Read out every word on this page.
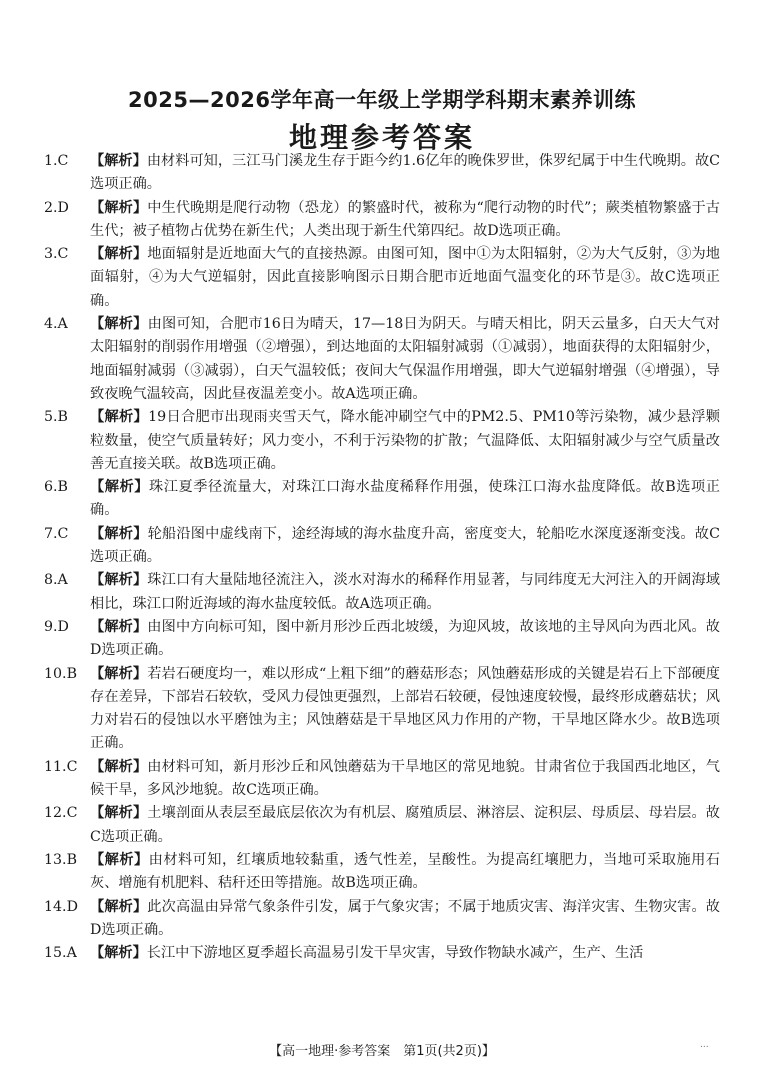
2025—2026学年高一年级上学期学科期末素养训练
地理参考答案

1.C	【解析】由材料可知，三江马门溪龙生存于距今约1.6亿年的晚侏罗世，侏罗纪属于中生代晚期。故C选项正确。

2.D	【解析】中生代晚期是爬行动物（恐龙）的繁盛时代，被称为“爬行动物的时代”；蕨类植物繁盛于古生代；被子植物占优势在新生代；人类出现于新生代第四纪。故D选项正确。

3.C	【解析】地面辐射是近地面大气的直接热源。由图可知，图中①为太阳辐射，②为大气反射，③为地面辐射，④为大气逆辐射，因此直接影响图示日期合肥市近地面气温变化的环节是③。故C选项正确。

4.A	【解析】由图可知，合肥市16日为晴天，17—18日为阴天。与晴天相比，阴天云量多，白天大气对太阳辐射的削弱作用增强（②增强），到达地面的太阳辐射减弱（①减弱），地面获得的太阳辐射少，地面辐射减弱（③减弱），白天气温较低；夜间大气保温作用增强，即大气逆辐射增强（④增强），导致夜晚气温较高，因此昼夜温差变小。故A选项正确。

5.B	【解析】19日合肥市出现雨夹雪天气，降水能冲刷空气中的PM2.5、PM10等污染物，减少悬浮颗粒数量，使空气质量转好；风力变小，不利于污染物的扩散；气温降低、太阳辐射减少与空气质量改善无直接关联。故B选项正确。

6.B	【解析】珠江夏季径流量大，对珠江口海水盐度稀释作用强，使珠江口海水盐度降低。故B选项正确。

7.C	【解析】轮船沿图中虚线南下，途经海域的海水盐度升高，密度变大，轮船吃水深度逐渐变浅。故C选项正确。

8.A	【解析】珠江口有大量陆地径流注入，淡水对海水的稀释作用显著，与同纬度无大河注入的开阔海域相比，珠江口附近海域的海水盐度较低。故A选项正确。

9.D	【解析】由图中方向标可知，图中新月形沙丘西北坡缓，为迎风坡，故该地的主导风向为西北风。故D选项正确。

10.B 【解析】若岩石硬度均一，难以形成“上粗下细”的蘑菇形态；风蚀蘑菇形成的关键是岩石上下部硬度存在差异，下部岩石较软，受风力侵蚀更强烈，上部岩石较硬，侵蚀速度较慢，最终形成蘑菇状；风力对岩石的侵蚀以水平磨蚀为主；风蚀蘑菇是干旱地区风力作用的产物，干旱地区降水少。故B选项正确。

11.C 【解析】由材料可知，新月形沙丘和风蚀蘑菇为干旱地区的常见地貌。甘肃省位于我国西北地区，气候干旱，多风沙地貌。故C选项正确。

12.C 【解析】土壤剖面从表层至最底层依次为有机层、腐殖质层、淋溶层、淀积层、母质层、母岩层。故C选项正确。

13.B 【解析】由材料可知，红壤质地较黏重，透气性差，呈酸性。为提高红壤肥力，当地可采取施用石灰、增施有机肥料、秸秆还田等措施。故B选项正确。

14.D 【解析】此次高温由异常气象条件引发，属于气象灾害；不属于地质灾害、海洋灾害、生物灾害。故D选项正确。

15.A 【解析】长江中下游地区夏季超长高温易引发干旱灾害，导致作物缺水减产，生产、生活

【高一地理·参考答案　第1页(共2页)】	...
